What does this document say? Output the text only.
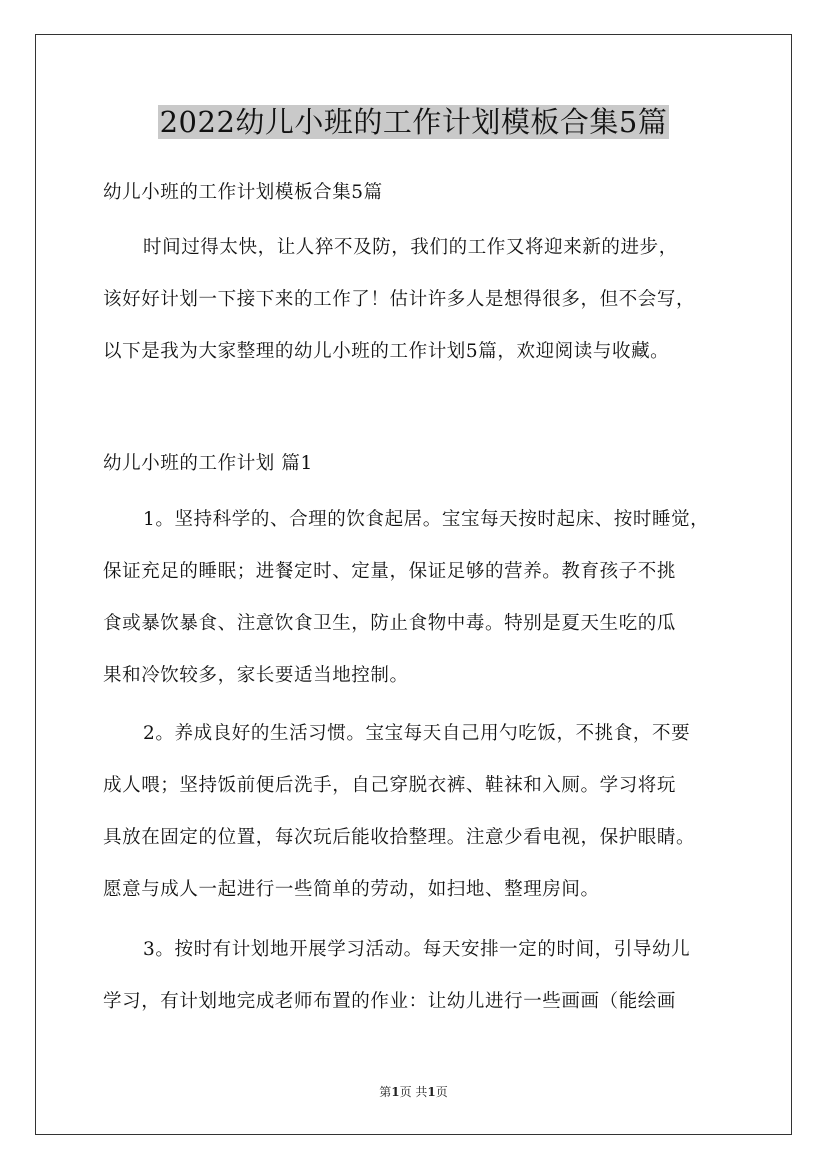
2022幼儿小班的工作计划模板合集5篇

幼儿小班的工作计划模板合集5篇

时间过得太快，让人猝不及防，我们的工作又将迎来新的进步，
该好好计划一下接下来的工作了！估计许多人是想得很多，但不会写，
以下是我为大家整理的幼儿小班的工作计划5篇，欢迎阅读与收藏。

幼儿小班的工作计划 篇1

1。坚持科学的、合理的饮食起居。宝宝每天按时起床、按时睡觉，
保证充足的睡眠；进餐定时、定量，保证足够的营养。教育孩子不挑
食或暴饮暴食、注意饮食卫生，防止食物中毒。特别是夏天生吃的瓜
果和冷饮较多，家长要适当地控制。

2。养成良好的生活习惯。宝宝每天自己用勺吃饭，不挑食，不要
成人喂；坚持饭前便后洗手，自己穿脱衣裤、鞋袜和入厕。学习将玩
具放在固定的位置，每次玩后能收拾整理。注意少看电视，保护眼睛。
愿意与成人一起进行一些简单的劳动，如扫地、整理房间。

3。按时有计划地开展学习活动。每天安排一定的时间，引导幼儿
学习，有计划地完成老师布置的作业：让幼儿进行一些画画（能绘画

第1页 共1页
